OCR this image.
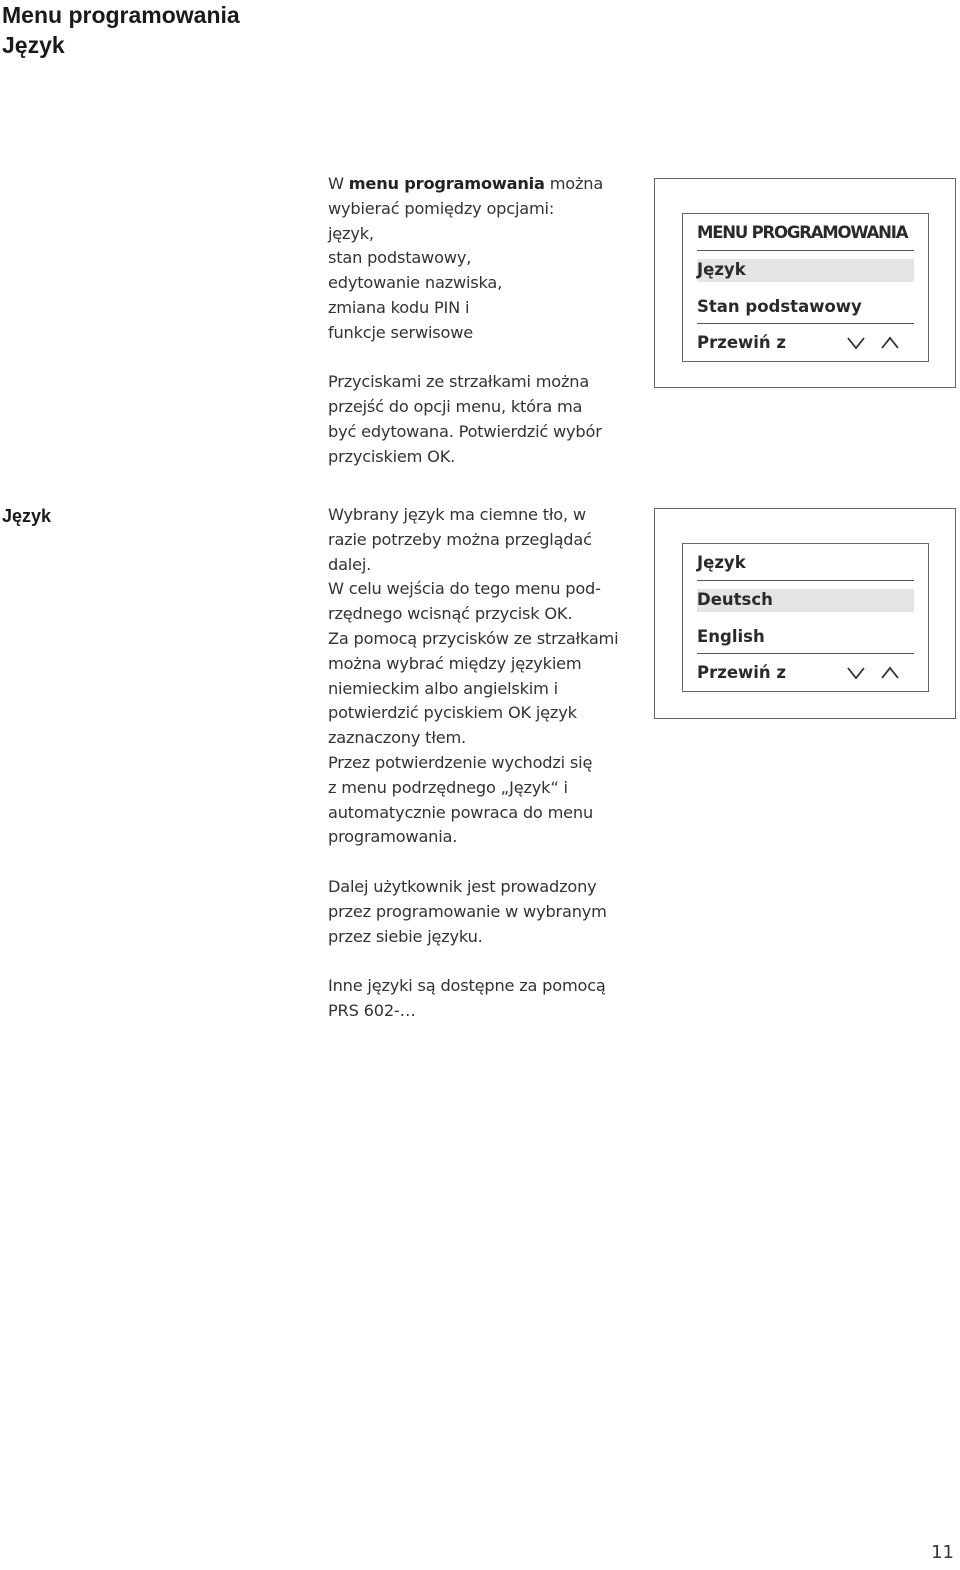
Menu programowania
Język
W menu programowania można
wybierać pomiędzy opcjami:
język,
stan podstawowy,
edytowanie nazwiska,
zmiana kodu PIN i
funkcje serwisowe
Przyciskami ze strzałkami można
przejść do opcji menu, która ma
być edytowana. Potwierdzić wybór
przyciskiem OK.
Język	Wybrany język ma ciemne tło, w
razie potrzeby można przeglądać
dalej.
W celu wejścia do tego menu pod-
rzędnego wcisnąć przycisk OK.
Za pomocą przycisków ze strzałkami
można wybrać między językiem
niemieckim albo angielskim i
potwierdzić pyciskiem OK język
zaznaczony tłem.
Przez potwierdzenie wychodzi się
z menu podrzędnego „Język“ i
automatycznie powraca do menu
programowania.
Dalej użytkownik jest prowadzony
przez programowanie w wybranym
przez siebie języku.
Inne języki są dostępne za pomocą
PRS 602-…
MENU PROGRAMOWANIA
Język
Stan podstawowy
Przewiń z
Język
Deutsch
English
Przewiń z
11
